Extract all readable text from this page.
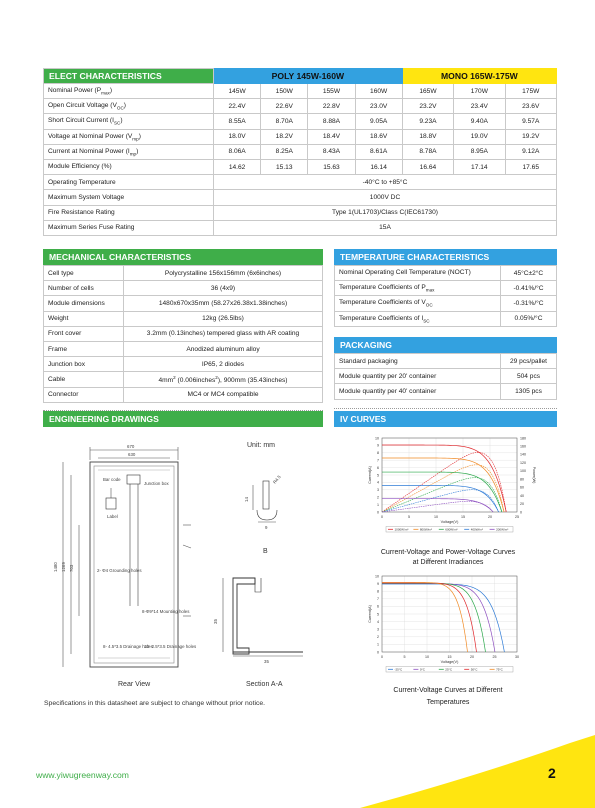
ELECT CHARACTERISTICS	POLY 145W-160W				MONO 165W-175W		
Nominal Power $(P_{max})$	145W	150W	155W	160W	165W	170W	175W
Open Circuit Voltage $(V_{OC})$	22.4V	22.6V	22.8V	23.0V	23.2V	23.4V	23.6V
Short Circuit Current $(I_{SC})$	8.55A	8.70A	8.88A	9.05A	9.23A	9.40A	9.57A
Voltage at Nominal Power $(V_{mp})$	18.0V	18.2V	18.4V	18.6V	18.8V	19.0V	19.2V
Current at Nominal Power $(I_{mp})$	8.06A	8.25A	8.43A	8.61A	8.78A	8.95A	9.12A
Module Efficiency (%)	14.62	15.13	15.63	16.14	16.64	17.14	17.65
Operating Temperature	-40°C to +85°C						
Maximum System Voltage	1000V DC						
Fire Resistance Rating	Type 1(UL1703)/Class C(IEC61730)						
Maximum Series Fuse Rating	15A						
MECHANICAL CHARACTERISTICS
Cell type	Polycrystalline 156x156mm (6x6inches)
Number of cells	36 (4x9)
Module dimensions	1480x670x35mm (58.27x26.38x1.38inches)
Weight	12kg (26.5lbs)
Front cover	3.2mm (0.13inches) tempered glass with AR coating
Frame	Anodized aluminum alloy
Junction box	IP65, 2 diodes
Cable	$4mm^2$ (0.006inches$^2$), 900mm (35.43inches)
Connector	MC4 or MC4 compatible
TEMPERATURE CHARACTERISTICS
Nominal Operating Cell Temperature (NOCT)	45°C±2°C
Temperature Coefficients of $P_{max}$	-0.41%/°C
Temperature Coefficients of $V_{OC}$	-0.31%/°C
Temperature Coefficients of $I_{SC}$	0.05%/°C
PACKAGING
Standard packaging	29 pcs/pallet
Module quantity per 20' container	504 pcs
Module quantity per 40' container	1305 pcs
ENGINEERING DRAWINGS
670
630
1480 1269 703
Bar code
Junction box
Label
2- Φ4 Grounding holes
8-Φ9*14 Mounting holes
8- 4.5*3.5 Drainage holes
10- 2.5*3.5 Drainage holes
R4.5
14
9
35
35
Unit: mm
B
Rear View	Section A-A
Specifications in this datasheet are subject to change without prior notice.
IV CURVES
0	5	10	15	20	25
0
1
2
3
4
5
6
7
8
9
10
0
20
40
60
80
100
120
140
160
180
Power(W)
Voltage(V)
Current(A)
1000W/m²	800W/m²	600W/m²	400W/m²	200W/m²
Current-Voltage and Power-Voltage Curves
at Different Irradiances
0	5	10	15	20	25	30
0
1
2
3
4
5
6
7
8
9
10
Voltage(V)
Current(A)
-25°C	0°C	25°C	50°C	75°C
Current-Voltage Curves at Different
Temperatures
www.yiwugreenway.com	2
